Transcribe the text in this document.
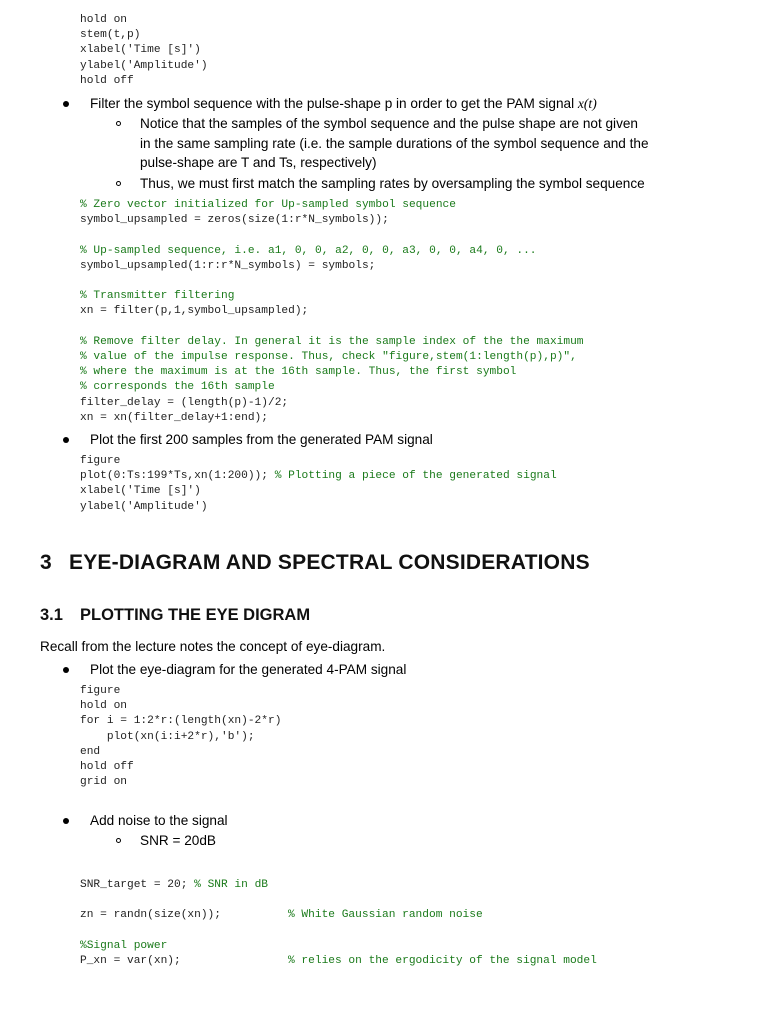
hold on
stem(t,p)
xlabel('Time [s]')
ylabel('Amplitude')
hold off

Filter the symbol sequence with the pulse-shape p in order to get the PAM signal x(t)

Notice that the samples of the symbol sequence and the pulse shape are not given
in the same sampling rate (i.e. the sample durations of the symbol sequence and the
pulse-shape are T and Ts, respectively)

Thus, we must first match the sampling rates by oversampling the symbol sequence

% Zero vector initialized for Up-sampled symbol sequence
symbol_upsampled = zeros(size(1:r*N_symbols));

% Up-sampled sequence, i.e. a1, 0, 0, a2, 0, 0, a3, 0, 0, a4, 0, ...
symbol_upsampled(1:r:r*N_symbols) = symbols;

% Transmitter filtering
xn = filter(p,1,symbol_upsampled);

% Remove filter delay. In general it is the sample index of the the maximum
% value of the impulse response. Thus, check "figure,stem(1:length(p),p)",
% where the maximum is at the 16th sample. Thus, the first symbol
% corresponds the 16th sample
filter_delay = (length(p)-1)/2;
xn = xn(filter_delay+1:end);

Plot the first 200 samples from the generated PAM signal

figure
plot(0:Ts:199*Ts,xn(1:200)); % Plotting a piece of the generated signal
xlabel('Time [s]')
ylabel('Amplitude')
3 EYE-DIAGRAM AND SPECTRAL CONSIDERATIONS
3.1 PLOTTING THE EYE DIGRAM

Recall from the lecture notes the concept of eye-diagram.

Plot the eye-diagram for the generated 4-PAM signal

figure
hold on
for i = 1:2*r:(length(xn)-2*r)
plot(xn(i:i+2*r),'b');
end
hold off
grid on

Add noise to the signal

SNR = 20dB

SNR_target = 20; % SNR in dB

zn = randn(size(xn));	% White Gaussian random noise
%Signal power
P_xn = var(xn);	% relies on the ergodicity of the signal model
